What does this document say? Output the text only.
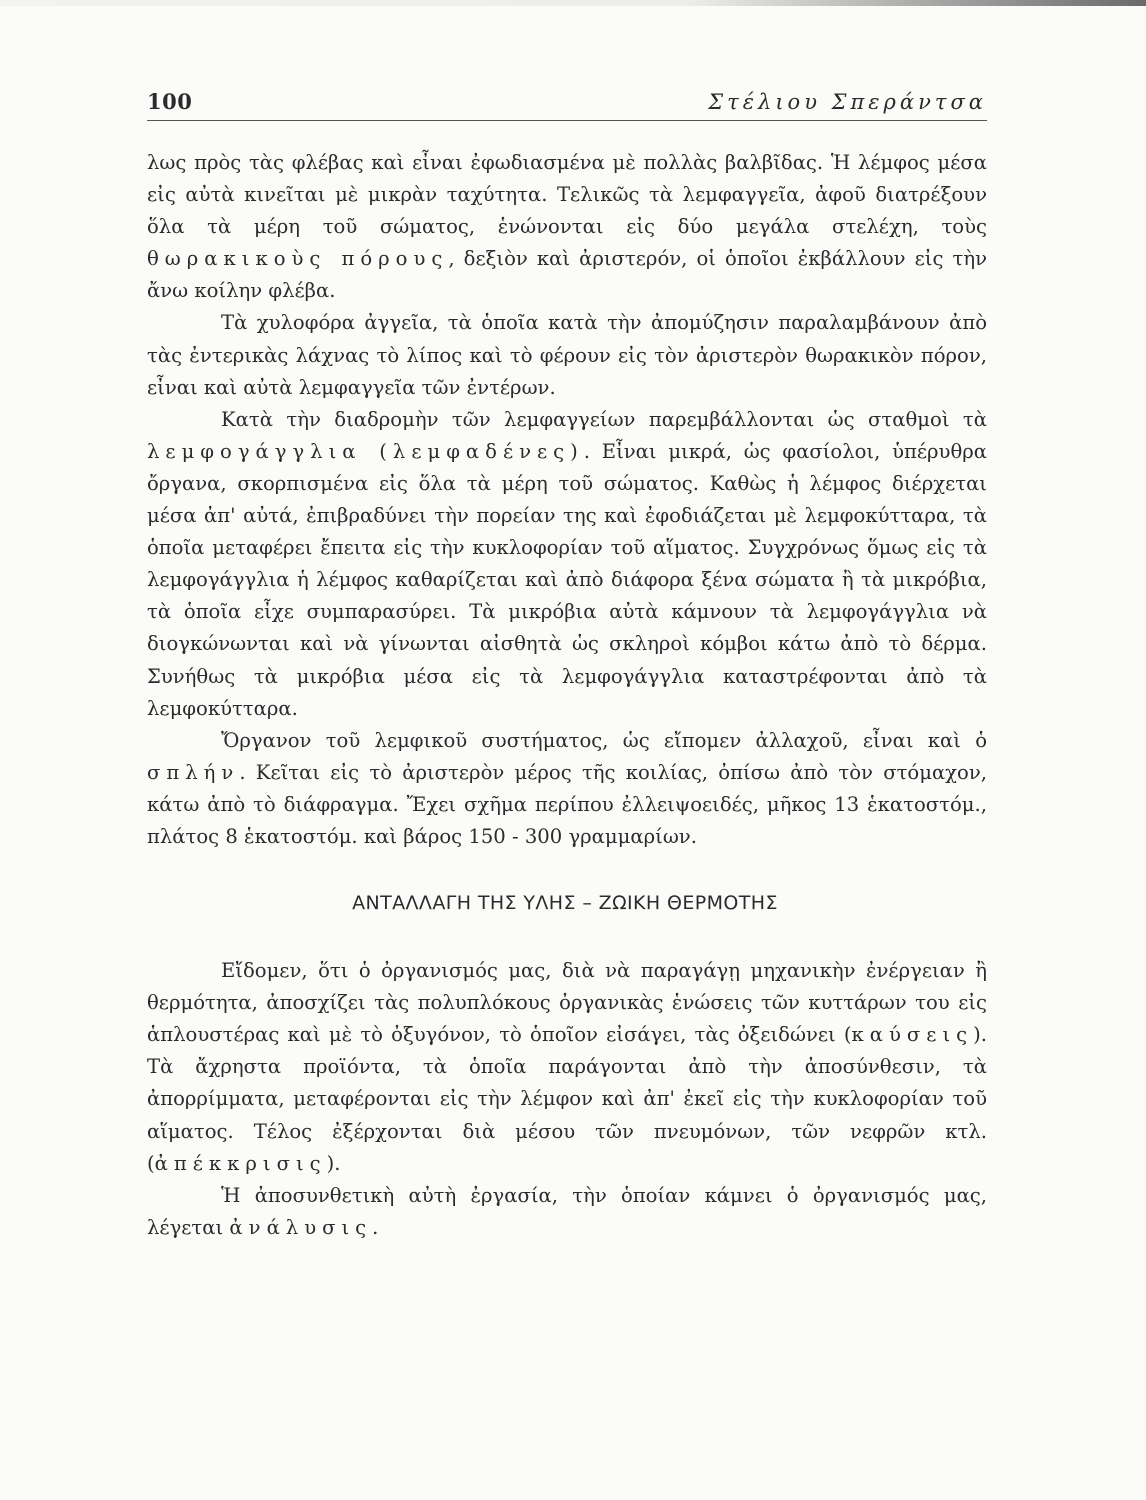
100	Στέλιου Σπεράντσα

λως πρὸς τὰς φλέβας καὶ εἶναι ἐφωδιασμένα μὲ πολλὰς βαλβῖδας. Ἡ λέμφος μέσα εἰς αὐτὰ κινεῖται μὲ μικρὰν ταχύτητα. Τελικῶς τὰ λεμφαγγεῖα, ἀφοῦ διατρέξουν ὅλα τὰ μέρη τοῦ σώματος, ἑνώνονται εἰς δύο μεγάλα στελέχη, τοὺς θωρακικοὺς πόρους, δεξιὸν καὶ ἀριστερόν, οἱ ὁποῖοι ἐκβάλλουν εἰς τὴν ἄνω κοίλην φλέβα.

Τὰ χυλοφόρα ἀγγεῖα, τὰ ὁποῖα κατὰ τὴν ἀπομύζησιν παραλαμβάνουν ἀπὸ τὰς ἐντερικὰς λάχνας τὸ λίπος καὶ τὸ φέρουν εἰς τὸν ἀριστερὸν θωρακικὸν πόρον, εἶναι καὶ αὐτὰ λεμφαγγεῖα τῶν ἐντέρων.

Κατὰ τὴν διαδρομὴν τῶν λεμφαγγείων παρεμβάλλονται ὡς σταθμοὶ τὰ λεμφογάγγλια (λεμφαδένες). Εἶναι μικρά, ὡς φασίολοι, ὑπέρυθρα ὄργανα, σκορπισμένα εἰς ὅλα τὰ μέρη τοῦ σώματος. Καθὼς ἡ λέμφος διέρχεται μέσα ἀπ' αὐτά, ἐπιβραδύνει τὴν πορείαν της καὶ ἐφοδιάζεται μὲ λεμφοκύτταρα, τὰ ὁποῖα μεταφέρει ἔπειτα εἰς τὴν κυκλοφορίαν τοῦ αἵματος. Συγχρόνως ὅμως εἰς τὰ λεμφογάγγλια ἡ λέμφος καθαρίζεται καὶ ἀπὸ διάφορα ξένα σώματα ἢ τὰ μικρόβια, τὰ ὁποῖα εἶχε συμπαρασύρει. Τὰ μικρόβια αὐτὰ κάμνουν τὰ λεμφογάγγλια νὰ διογκώνωνται καὶ νὰ γίνωνται αἰσθητὰ ὡς σκληροὶ κόμβοι κάτω ἀπὸ τὸ δέρμα. Συνήθως τὰ μικρόβια μέσα εἰς τὰ λεμφογάγγλια καταστρέφονται ἀπὸ τὰ λεμφοκύτταρα.

Ὄργανον τοῦ λεμφικοῦ συστήματος, ὡς εἴπομεν ἀλλαχοῦ, εἶναι καὶ ὁ σπλήν. Κεῖται εἰς τὸ ἀριστερὸν μέρος τῆς κοιλίας, ὀπίσω ἀπὸ τὸν στόμαχον, κάτω ἀπὸ τὸ διάφραγμα. Ἔχει σχῆμα περίπου ἐλλειψοειδές, μῆκος 13 ἑκατοστόμ., πλάτος 8 ἑκατοστόμ. καὶ βάρος 150 - 300 γραμμαρίων.

ΑΝΤΑΛΛΑΓΗ ΤΗΣ ΥΛΗΣ – ΖΩΙΚΗ ΘΕΡΜΟΤΗΣ

Εἴδομεν, ὅτι ὁ ὀργανισμός μας, διὰ νὰ παραγάγῃ μηχανικὴν ἐνέργειαν ἢ θερμότητα, ἀποσχίζει τὰς πολυπλόκους ὀργανικὰς ἑνώσεις τῶν κυττάρων του εἰς ἁπλουστέρας καὶ μὲ τὸ ὀξυγόνον, τὸ ὁποῖον εἰσάγει, τὰς ὀξειδώνει (καύσεις). Τὰ ἄχρηστα προϊόντα, τὰ ὁποῖα παράγονται ἀπὸ τὴν ἀποσύνθεσιν, τὰ ἀπορρίμματα, μεταφέρονται εἰς τὴν λέμφον καὶ ἀπ' ἐκεῖ εἰς τὴν κυκλοφορίαν τοῦ αἵματος. Τέλος ἐξέρχονται διὰ μέσου τῶν πνευμόνων, τῶν νεφρῶν κτλ. (ἀπέκκρισις).

Ἡ ἀποσυνθετικὴ αὐτὴ ἐργασία, τὴν ὁποίαν κάμνει ὁ ὀργανισμός μας, λέγεται ἀνάλυσις.
